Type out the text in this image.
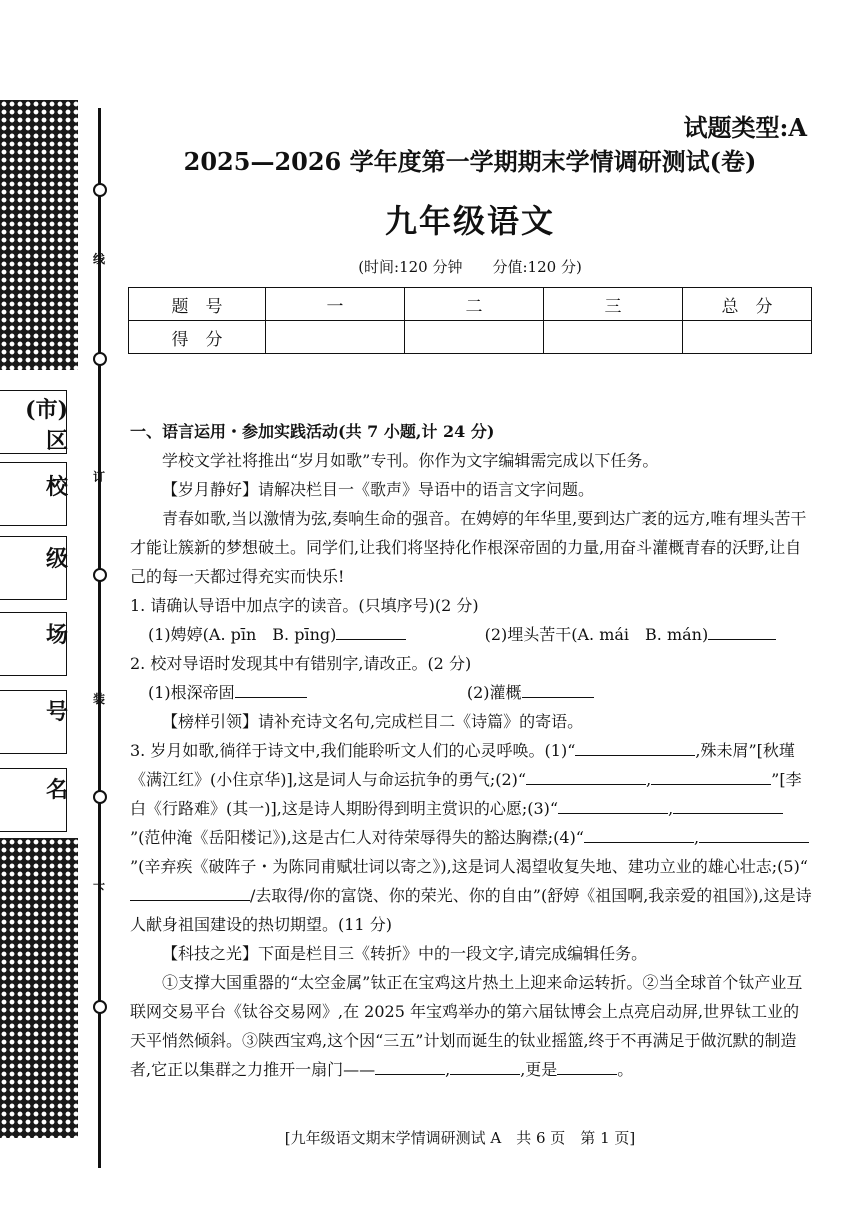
(市)区
校
级
场
号
名
线
订
装
下
试题类型:A
2025—2026 学年度第一学期期末学情调研测试(卷)
九年级语文
(时间:120 分钟　　分值:120 分)
题　号	一	二	三	总　分
得　分				

一、语言运用・参加实践活动(共 7 小题,计 24 分)

学校文学社将推出“岁月如歌”专刊。你作为文字编辑需完成以下任务。

【岁月静好】请解决栏目一《歌声》导语中的语言文字问题。

青春如歌,当以激情为弦,奏响生命的强音。在娉婷的年华里,要到达广袤的远方,唯有埋头苦干才能让簇新的梦想破土。同学们,让我们将坚持化作根深帝固的力量,用奋斗灌概青春的沃野,让自己的每一天都过得充实而快乐!

1. 请确认导语中加点字的读音。(只填序号)(2 分)

(1)娉婷(A. pīn　B. pīng)	(2)埋头苦干(A. mái　B. mán)

2. 校对导语时发现其中有错别字,请改正。(2 分)

(1)根深帝固	(2)灌概

【榜样引领】请补充诗文名句,完成栏目二《诗篇》的寄语。

3. 岁月如歌,徜徉于诗文中,我们能聆听文人们的心灵呼唤。(1)“	,殊未屑”[秋瑾《满江红》(小住京华)],这是词人与命运抗争的勇气;(2)“	,	”[李白《行路难》(其一)],这是诗人期盼得到明主赏识的心愿;(3)“	,”(范仲淹《岳阳楼记》),这是古仁人对待荣辱得失的豁达胸襟;(4)“	,”(辛弃疾《破阵子・为陈同甫赋壮词以寄之》),这是词人渴望收复失地、建功立业的雄心壮志;(5)“/去取得/你的富饶、你的荣光、你的自由”(舒婷《祖国啊,我亲爱的祖国》),这是诗人献身祖国建设的热切期望。(11 分)

【科技之光】下面是栏目三《转折》中的一段文字,请完成编辑任务。

①支撑大国重器的“太空金属”钛正在宝鸡这片热土上迎来命运转折。②当全球首个钛产业互联网交易平台《钛谷交易网》,在 2025 年宝鸡举办的第六届钛博会上点亮启动屏,世界钛工业的天平悄然倾斜。③陕西宝鸡,这个因“三五”计划而诞生的钛业摇篮,终于不再满足于做沉默的制造者,它正以集群之力推开一扇门——	,	,更是	。

[九年级语文期末学情调研测试 A　共 6 页　第 1 页]
